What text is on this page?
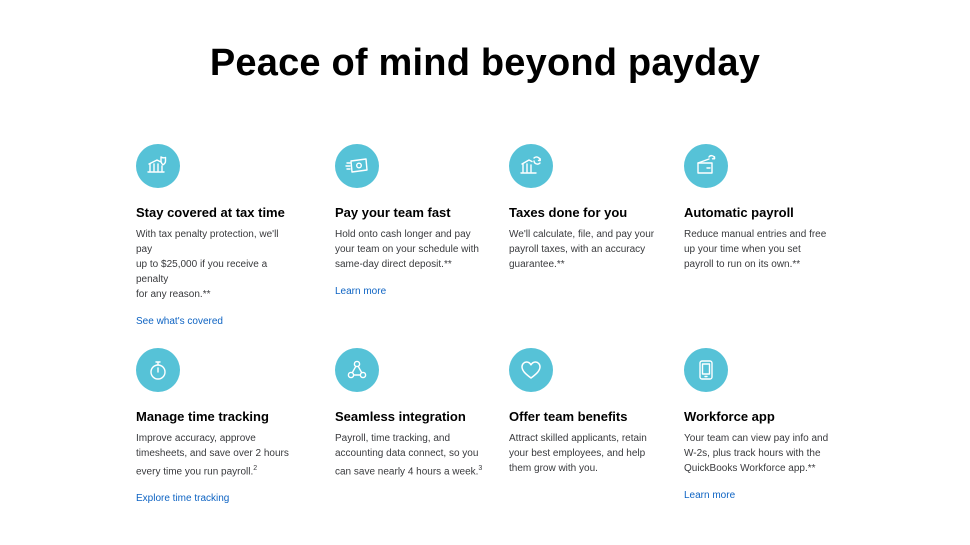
Peace of mind beyond payday
Stay covered at tax time
With tax penalty protection, we'll pay
up to $25,000 if you receive a penalty
for any reason.**
See what's covered
Pay your team fast
Hold onto cash longer and pay
your team on your schedule with
same-day direct deposit.**
Learn more
Taxes done for you
We'll calculate, file, and pay your
payroll taxes, with an accuracy
guarantee.**
Automatic payroll
Reduce manual entries and free
up your time when you set
payroll to run on its own.**
Manage time tracking
Improve accuracy, approve
timesheets, and save over 2 hours
every time you run payroll.$^2$
Explore time tracking
Seamless integration
Payroll, time tracking, and
accounting data connect, so you
can save nearly 4 hours a week.$^3$
Offer team benefits
Attract skilled applicants, retain
your best employees, and help
them grow with you.
Workforce app
Your team can view pay info and
W-2s, plus track hours with the
QuickBooks Workforce app.**
Learn more
